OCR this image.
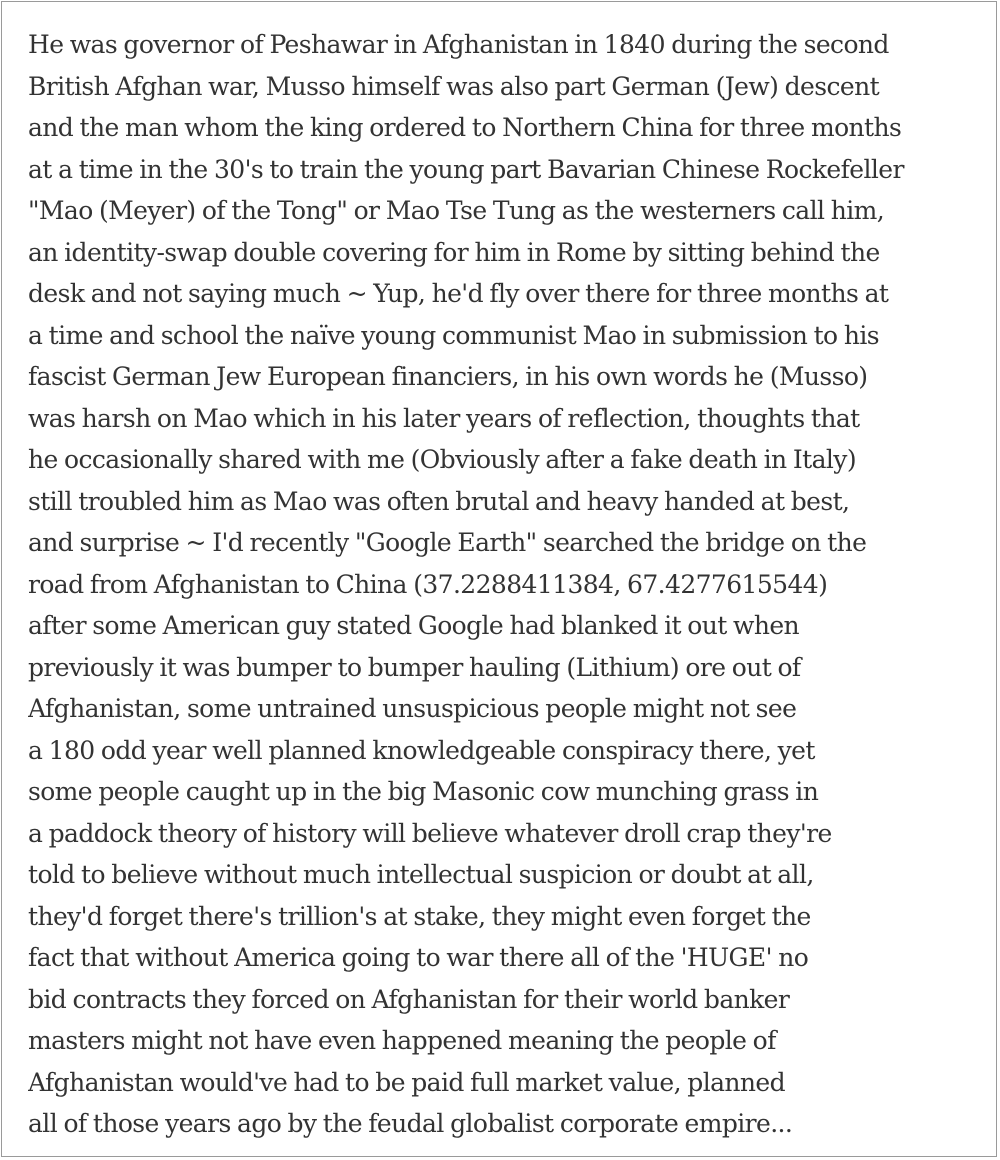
He was governor of Peshawar in Afghanistan in 1840 during the second
British Afghan war, Musso himself was also part German (Jew) descent
and the man whom the king ordered to Northern China for three months
at a time in the 30's to train the young part Bavarian Chinese Rockefeller
"Mao (Meyer) of the Tong" or Mao Tse Tung as the westerners call him,
an identity-swap double covering for him in Rome by sitting behind the
desk and not saying much ~ Yup, he'd fly over there for three months at
a time and school the naïve young communist Mao in submission to his
fascist German Jew European financiers, in his own words he (Musso)
was harsh on Mao which in his later years of reflection, thoughts that
he occasionally shared with me (Obviously after a fake death in Italy)
still troubled him as Mao was often brutal and heavy handed at best,
and surprise ~ I'd recently "Google Earth" searched the bridge on the
road from Afghanistan to China (37.2288411384, 67.4277615544)
after some American guy stated Google had blanked it out when
previously it was bumper to bumper hauling (Lithium) ore out of
Afghanistan, some untrained unsuspicious people might not see
a 180 odd year well planned knowledgeable conspiracy there, yet
some people caught up in the big Masonic cow munching grass in
a paddock theory of history will believe whatever droll crap they're
told to believe without much intellectual suspicion or doubt at all,
they'd forget there's trillion's at stake, they might even forget the
fact that without America going to war there all of the 'HUGE' no
bid contracts they forced on Afghanistan for their world banker
masters might not have even happened meaning the people of
Afghanistan would've had to be paid full market value, planned
all of those years ago by the feudal globalist corporate empire...
